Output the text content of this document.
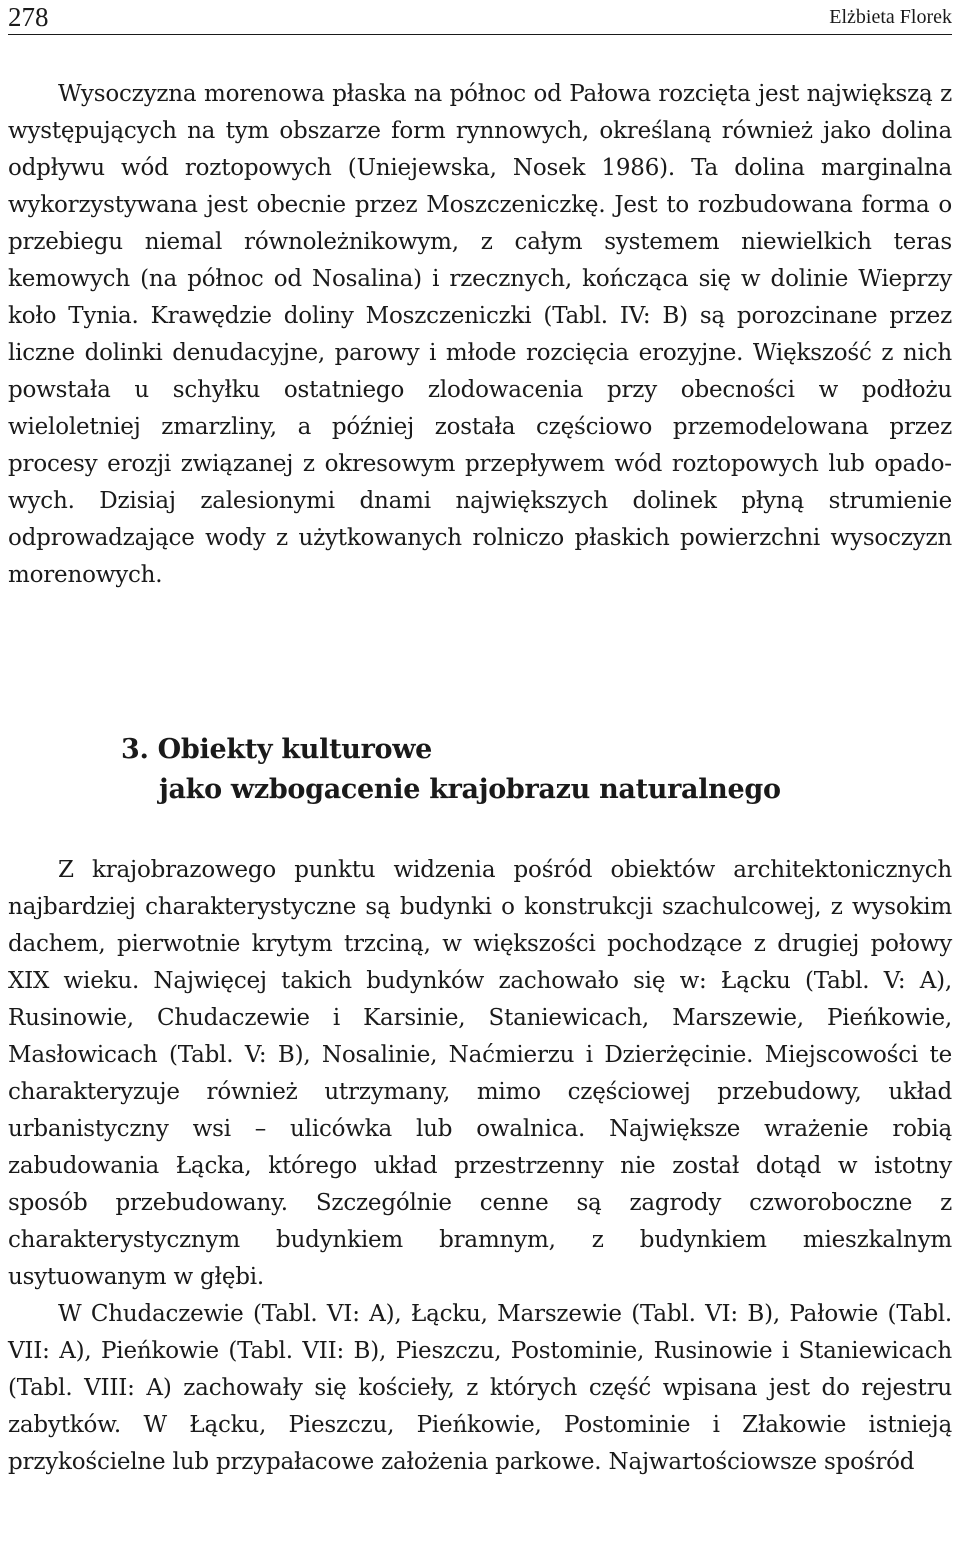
278	Elżbieta Florek

Wysoczyzna morenowa płaska na północ od Pałowa rozcięta jest największą z występujących na tym obszarze form rynnowych, określaną również jako dolina odpływu wód roztopowych (Uniejewska, Nosek 1986). Ta dolina marginalna wykorzystywana jest obecnie przez Moszczeniczkę. Jest to rozbudowana forma o przebiegu niemal równoleżnikowym, z całym systemem niewielkich teras kemowych (na północ od Nosalina) i rzecznych, kończąca się w dolinie Wieprzy koło Tynia. Krawędzie doliny Moszczeniczki (Tabl. IV: B) są porozcinane przez liczne dolinki denudacyjne, parowy i młode rozcięcia erozyjne. Większość z nich powstała u schyłku ostatniego zlodowacenia przy obecności w podłożu wieloletniej zmarzliny, a później została częściowo przemodelowana przez procesy erozji związanej z okresowym przepływem wód roztopowych lub opadowych. Dzisiaj zalesionymi dnami największych dolinek płyną strumienie odprowadzające wody z użytkowanych rolniczo płaskich powierzchni wysoczyzn morenowych.

3. Obiekty kulturowe
jako wzbogacenie krajobrazu naturalnego

Z krajobrazowego punktu widzenia pośród obiektów architektonicznych najbardziej charakterystyczne są budynki o konstrukcji szachulcowej, z wysokim dachem, pierwotnie krytym trzciną, w większości pochodzące z drugiej połowy XIX wieku. Najwięcej takich budynków zachowało się w: Łącku (Tabl. V: A), Rusinowie, Chudaczewie i Karsinie, Staniewicach, Marszewie, Pieńkowie, Masłowicach (Tabl. V: B), Nosalinie, Naćmierzu i Dzierżęcinie. Miejscowości te charakteryzuje również utrzymany, mimo częściowej przebudowy, układ urbanistyczny wsi – ulicówka lub owalnica. Największe wrażenie robią zabudowania Łącka, którego układ przestrzenny nie został dotąd w istotny sposób przebudowany. Szczególnie cenne są zagrody czworoboczne z charakterystycznym budynkiem bramnym, z budynkiem mieszkalnym usytuowanym w głębi.

W Chudaczewie (Tabl. VI: A), Łącku, Marszewie (Tabl. VI: B), Pałowie (Tabl. VII: A), Pieńkowie (Tabl. VII: B), Pieszczu, Postominie, Rusinowie i Staniewicach (Tabl. VIII: A) zachowały się kościeły, z których część wpisana jest do rejestru zabytków. W Łącku, Pieszczu, Pieńkowie, Postominie i Złakowie istnieją przykościelne lub przypałacowe założenia parkowe. Najwartościowsze spośród
